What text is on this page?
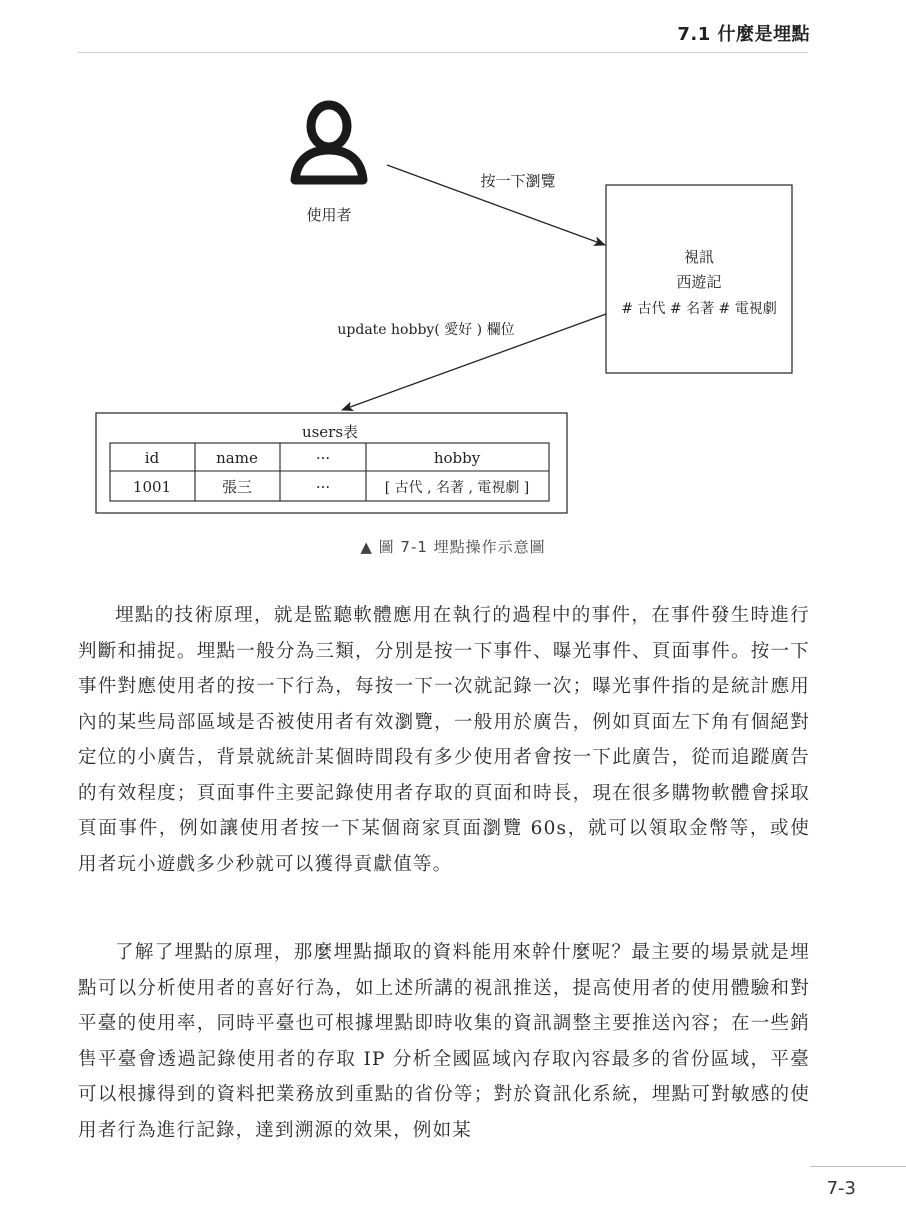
7.1 什麼是埋點
使用者
按一下瀏覽
視訊
西遊記
# 古代 # 名著 # 電視劇
update hobby( 愛好 ) 欄位
users表
id	name	···	hobby
1001	張三	···	[ 古代 , 名著 , 電視劇 ]
▲ 圖 7-1 埋點操作示意圖

埋點的技術原理，就是監聽軟體應用在執行的過程中的事件，在事件發生時進行判斷和捕捉。埋點一般分為三類，分別是按一下事件、曝光事件、頁面事件。按一下事件對應使用者的按一下行為，每按一下一次就記錄一次；曝光事件指的是統計應用內的某些局部區域是否被使用者有效瀏覽，一般用於廣告，例如頁面左下角有個絕對定位的小廣告，背景就統計某個時間段有多少使用者會按一下此廣告，從而追蹤廣告的有效程度；頁面事件主要記錄使用者存取的頁面和時長，現在很多購物軟體會採取頁面事件，例如讓使用者按一下某個商家頁面瀏覽 60s，就可以領取金幣等，或使用者玩小遊戲多少秒就可以獲得貢獻值等。

了解了埋點的原理，那麼埋點擷取的資料能用來幹什麼呢？最主要的場景就是埋點可以分析使用者的喜好行為，如上述所講的視訊推送，提高使用者的使用體驗和對平臺的使用率，同時平臺也可根據埋點即時收集的資訊調整主要推送內容；在一些銷售平臺會透過記錄使用者的存取 IP 分析全國區域內存取內容最多的省份區域，平臺可以根據得到的資料把業務放到重點的省份等；對於資訊化系統，埋點可對敏感的使用者行為進行記錄，達到溯源的效果，例如某

7-3
